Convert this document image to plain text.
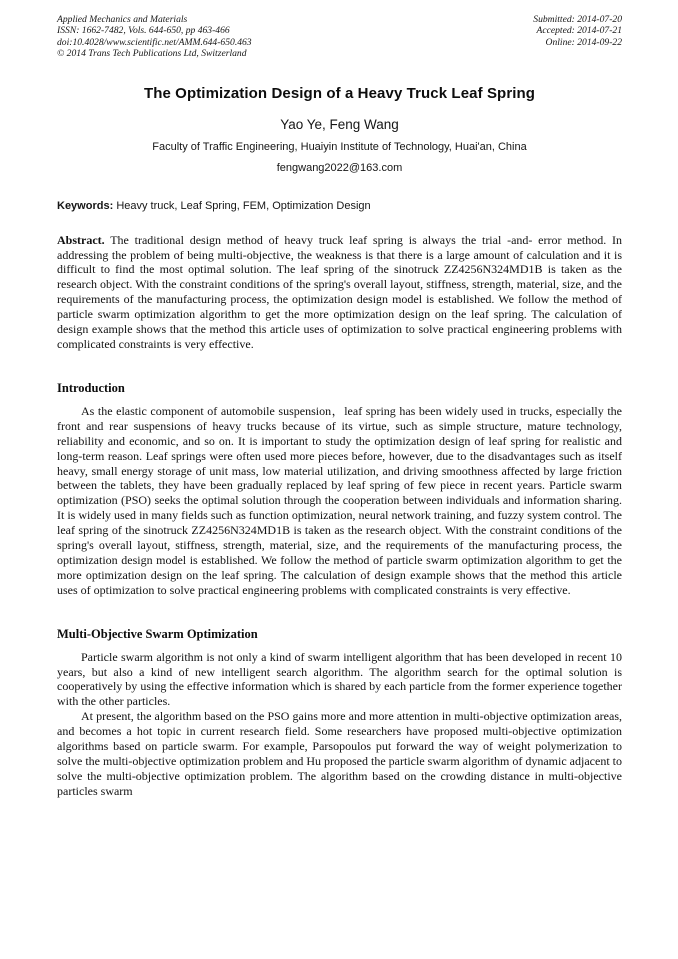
Applied Mechanics and Materials
ISSN: 1662-7482, Vols. 644-650, pp 463-466
doi:10.4028/www.scientific.net/AMM.644-650.463
© 2014 Trans Tech Publications Ltd, Switzerland
Submitted: 2014-07-20
Accepted: 2014-07-21
Online: 2014-09-22
The Optimization Design of a Heavy Truck Leaf Spring
Yao Ye, Feng Wang
Faculty of Traffic Engineering, Huaiyin Institute of Technology, Huai'an, China
fengwang2022@163.com
Keywords: Heavy truck, Leaf Spring, FEM, Optimization Design

Abstract. The traditional design method of heavy truck leaf spring is always the trial -and- error method. In addressing the problem of being multi-objective, the weakness is that there is a large amount of calculation and it is difficult to find the most optimal solution. The leaf spring of the sinotruck ZZ4256N324MD1B is taken as the research object. With the constraint conditions of the spring's overall layout, stiffness, strength, material, size, and the requirements of the manufacturing process, the optimization design model is established. We follow the method of particle swarm optimization algorithm to get the more optimization design on the leaf spring. The calculation of design example shows that the method this article uses of optimization to solve practical engineering problems with complicated constraints is very effective.

Introduction

As the elastic component of automobile suspension，leaf spring has been widely used in trucks, especially the front and rear suspensions of heavy trucks because of its virtue, such as simple structure, mature technology, reliability and economic, and so on. It is important to study the optimization design of leaf spring for realistic and long-term reason. Leaf springs were often used more pieces before, however, due to the disadvantages such as itself heavy, small energy storage of unit mass, low material utilization, and driving smoothness affected by large friction between the tablets, they have been gradually replaced by leaf spring of few piece in recent years. Particle swarm optimization (PSO) seeks the optimal solution through the cooperation between individuals and information sharing. It is widely used in many fields such as function optimization, neural network training, and fuzzy system control. The leaf spring of the sinotruck ZZ4256N324MD1B is taken as the research object. With the constraint conditions of the spring's overall layout, stiffness, strength, material, size, and the requirements of the manufacturing process, the optimization design model is established. We follow the method of particle swarm optimization algorithm to get the more optimization design on the leaf spring. The calculation of design example shows that the method this article uses of optimization to solve practical engineering problems with complicated constraints is very effective.

Multi-Objective Swarm Optimization

Particle swarm algorithm is not only a kind of swarm intelligent algorithm that has been developed in recent 10 years, but also a kind of new intelligent search algorithm. The algorithm search for the optimal solution is cooperatively by using the effective information which is shared by each particle from the former experience together with the other particles.

At present, the algorithm based on the PSO gains more and more attention in multi-objective optimization areas, and becomes a hot topic in current research field. Some researchers have proposed multi-objective optimization algorithms based on particle swarm. For example, Parsopoulos put forward the way of weight polymerization to solve the multi-objective optimization problem and Hu proposed the particle swarm algorithm of dynamic adjacent to solve the multi-objective optimization problem. The algorithm based on the crowding distance in multi-objective particles swarm
